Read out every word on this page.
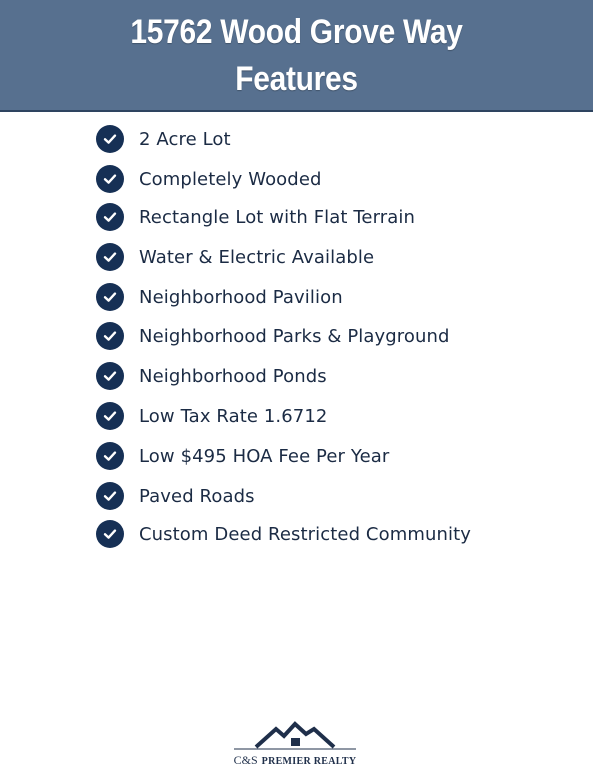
15762 Wood Grove Way
Features
2 Acre Lot
Completely Wooded
Rectangle Lot with Flat Terrain
Water & Electric Available
Neighborhood Pavilion
Neighborhood Parks & Playground
Neighborhood Ponds
Low Tax Rate 1.6712
Low $495 HOA Fee Per Year
Paved Roads
Custom Deed Restricted Community
C&S PREMIER REALTY
